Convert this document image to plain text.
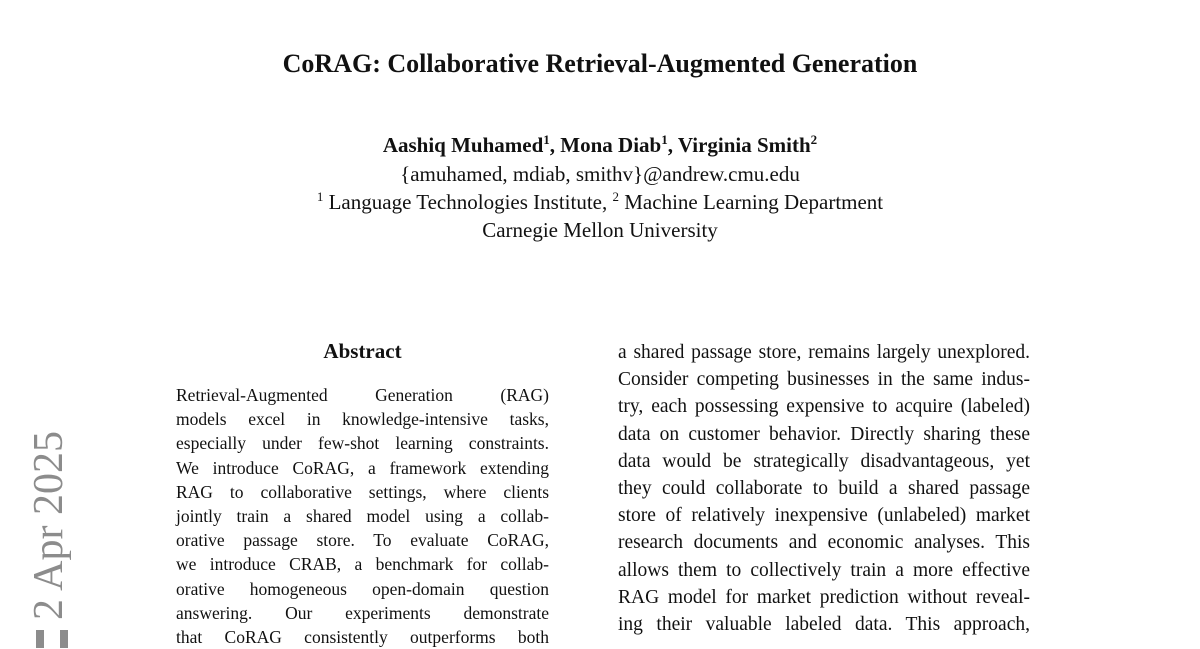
CoRAG: Collaborative Retrieval-Augmented Generation
Aashiq Muhamed$^1$, Mona Diab$^1$, Virginia Smith$^2$
{amuhamed, mdiab, smithv}@andrew.cmu.edu
$^1$ Language Technologies Institute, $^2$ Machine Learning Department
Carnegie Mellon University
Abstract
Retrieval-Augmented Generation (RAG)
models excel in knowledge-intensive tasks,
especially under few-shot learning constraints.
We introduce CoRAG, a framework extending
RAG to collaborative settings, where clients
jointly train a shared model using a collab-
orative passage store. To evaluate CoRAG,
we introduce CRAB, a benchmark for collab-
orative homogeneous open-domain question
answering. Our experiments demonstrate
that CoRAG consistently outperforms both
a shared passage store, remains largely unexplored.
Consider competing businesses in the same indus-
try, each possessing expensive to acquire (labeled)
data on customer behavior. Directly sharing these
data would be strategically disadvantageous, yet
they could collaborate to build a shared passage
store of relatively inexpensive (unlabeled) market
research documents and economic analyses. This
allows them to collectively train a more effective
RAG model for market prediction without reveal-
ing their valuable labeled data. This approach,
2 Apr 2025
